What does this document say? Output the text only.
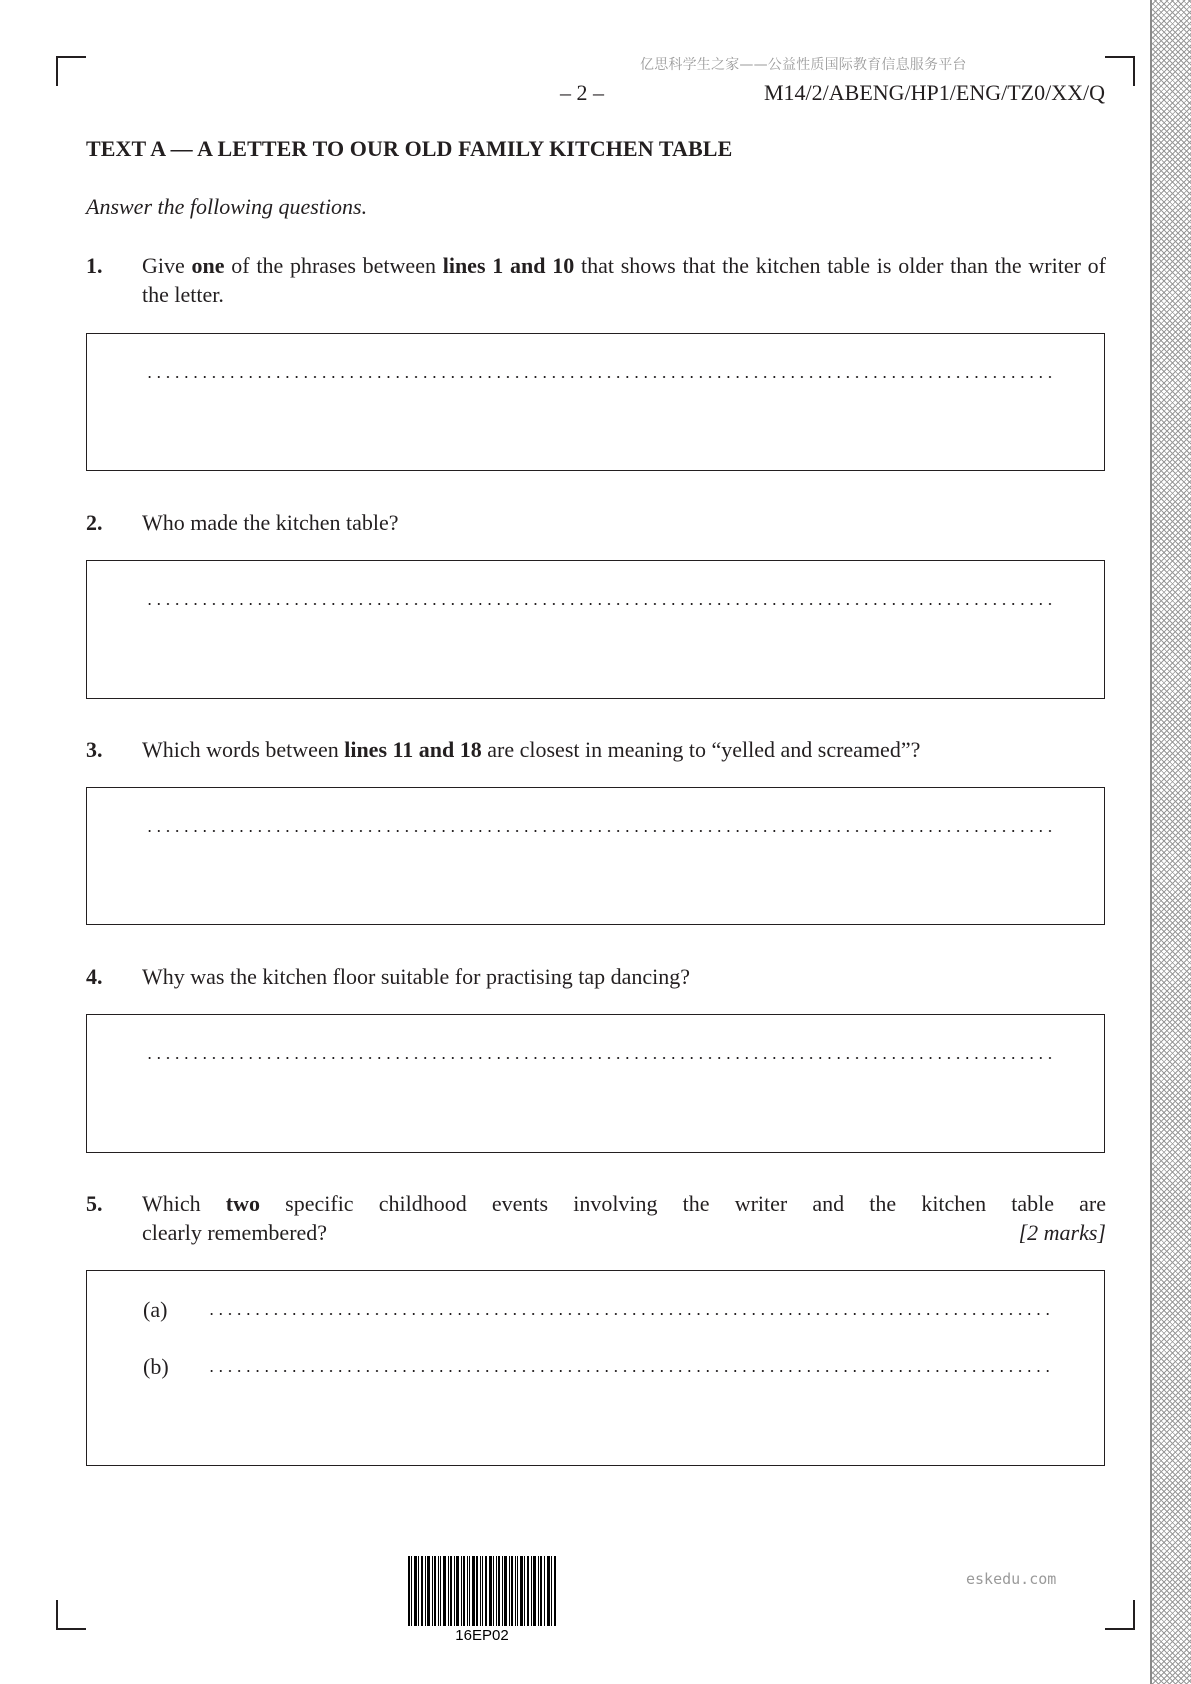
亿思科学生之家——公益性质国际教育信息服务平台
– 2 –	M14/2/ABENG/HP1/ENG/TZ0/XX/Q
TEXT A — A LETTER TO OUR OLD FAMILY KITCHEN TABLE
Answer the following questions.
1. Give one of the phrases between lines 1 and 10 that shows that the kitchen table is older than the writer of the letter.
2. Who made the kitchen table?
3. Which words between lines 11 and 18 are closest in meaning to “yelled and screamed”?
4. Why was the kitchen floor suitable for practising tap dancing?
5. Which two specific childhood events involving the writer and the kitchen table are
clearly remembered?	[2 marks]
(a)
(b)
16EP02
eskedu.com
